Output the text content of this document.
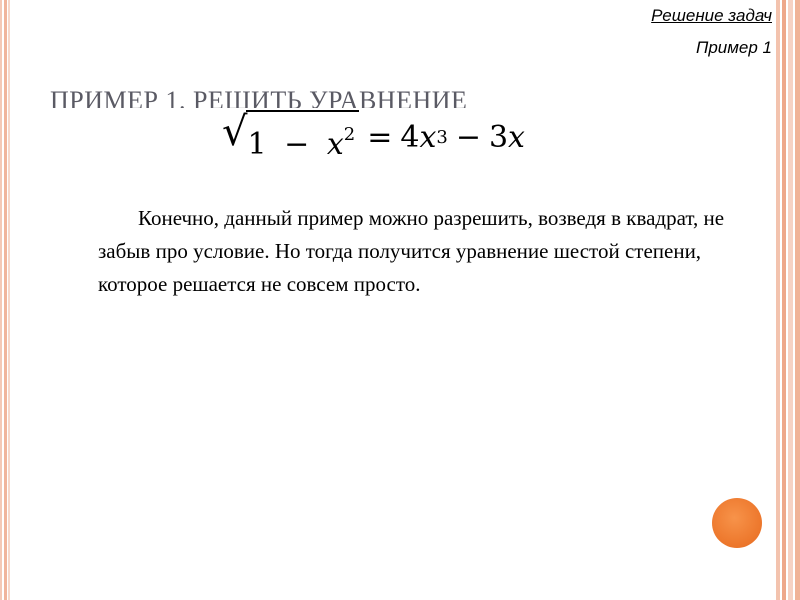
Решение задач
Пример 1
ПРИМЕР 1. РЕШИТЬ УРАВНЕНИЕ
√ $1 - x^2 = 4$ x 3 − 3 x

Конечно, данный пример можно разрешить, возведя в квадрат, не забыв про условие. Но тогда получится уравнение шестой степени, которое решается не совсем просто.
